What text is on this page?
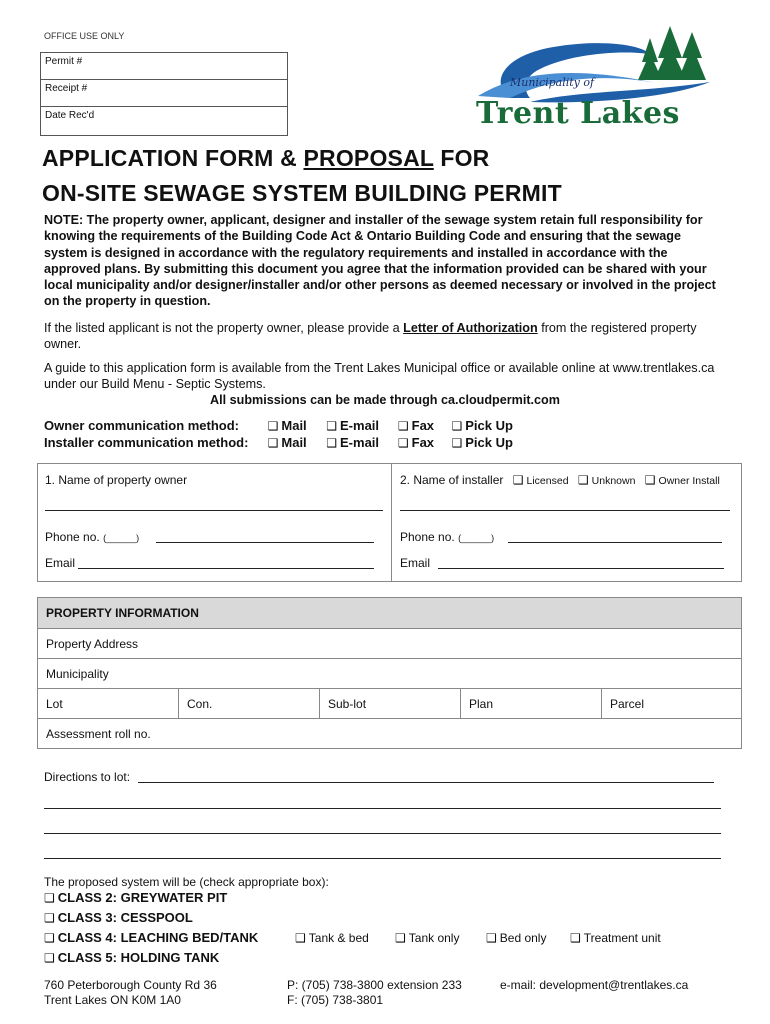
OFFICE USE ONLY
Permit #
Receipt #
Date Rec'd
Municipality of
Trent Lakes
APPLICATION FORM & PROPOSAL FOR
ON-SITE SEWAGE SYSTEM BUILDING PERMIT
NOTE: The property owner, applicant, designer and installer of the sewage system retain full responsibility for knowing the requirements of the Building Code Act & Ontario Building Code and ensuring that the sewage system is designed in accordance with the regulatory requirements and installed in accordance with the approved plans. By submitting this document you agree that the information provided can be shared with your local municipality and/or designer/installer and/or other persons as deemed necessary or involved in the project on the property in question.
If the listed applicant is not the property owner, please provide a Letter of Authorization from the registered property owner.
A guide to this application form is available from the Trent Lakes Municipal office or available online at www.trentlakes.ca under our Build Menu - Septic Systems.
All submissions can be made through ca.cloudpermit.com
Owner communication method:	❑ Mail	❑ E-mail	❑ Fax ❑ Pick Up
Installer communication method:	❑ Mail	❑ E-mail	❑ Fax ❑ Pick Up
1. Name of property owner
Phone no. (______)
Email
2. Name of installer ❑ Licensed ❑ Unknown ❑ Owner Install
Phone no. (______)
Email
PROPERTY INFORMATION
Property Address
Municipality
Lot	Con.	Sub-lot	Plan	Parcel
Assessment roll no.
Directions to lot:
The proposed system will be (check appropriate box):
❑ CLASS 2: GREYWATER PIT
❑ CLASS 3: CESSPOOL
❑ CLASS 4: LEACHING BED/TANK	❑ Tank & bed	❑ Tank only	❑ Bed only	❑ Treatment unit
❑ CLASS 5: HOLDING TANK
760 Peterborough County Rd 36
Trent Lakes ON K0M 1A0
P: (705) 738-3800 extension 233
F: (705) 738-3801
e-mail: development@trentlakes.ca
